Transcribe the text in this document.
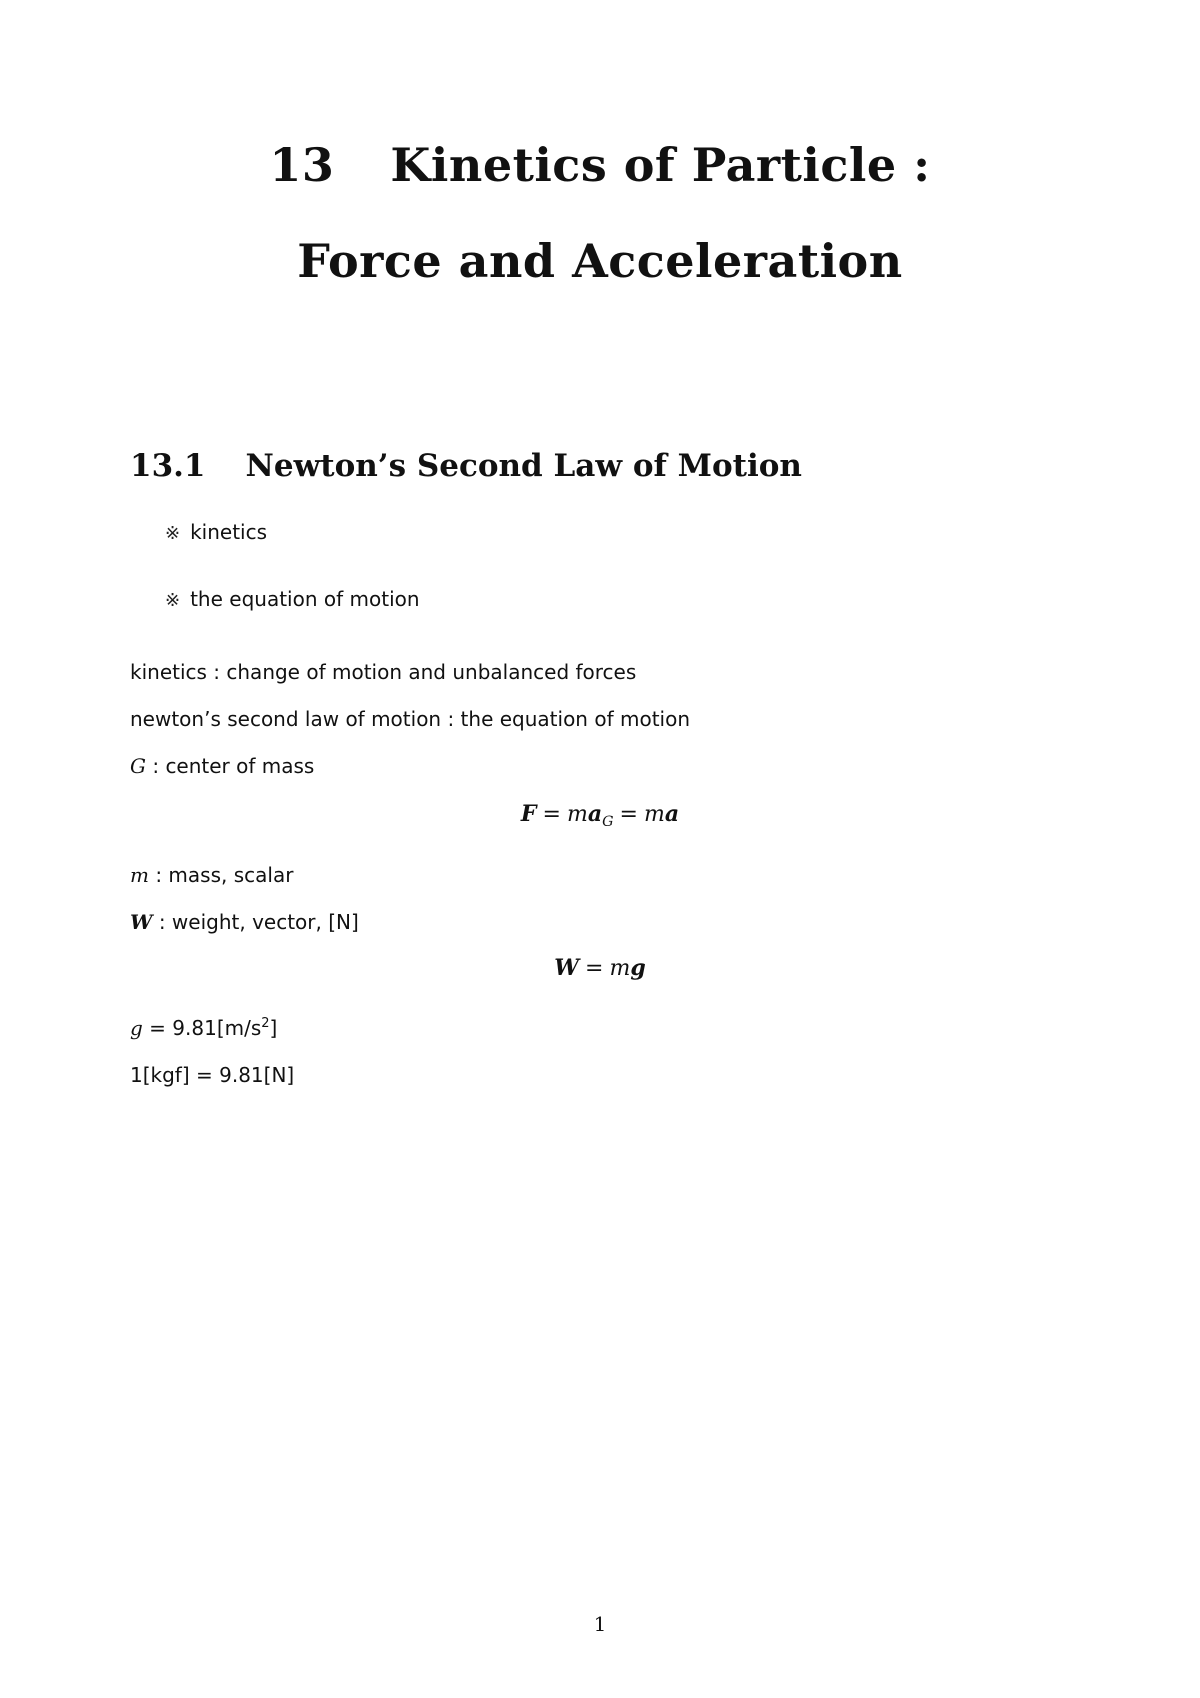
13 Kinetics of Particle :
Force and Acceleration
13.1 Newton’s Second Law of Motion
※ kinetics
※ the equation of motion
kinetics : change of motion and unbalanced forces
newton’s second law of motion : the equation of motion
G : center of mass
$F = ma_G$ = ma
m : mass, scalar
W : weight, vector, [N]
W = mg
$g = 9.81[m/s^2]$
1[kgf] = 9.81[N]
1
